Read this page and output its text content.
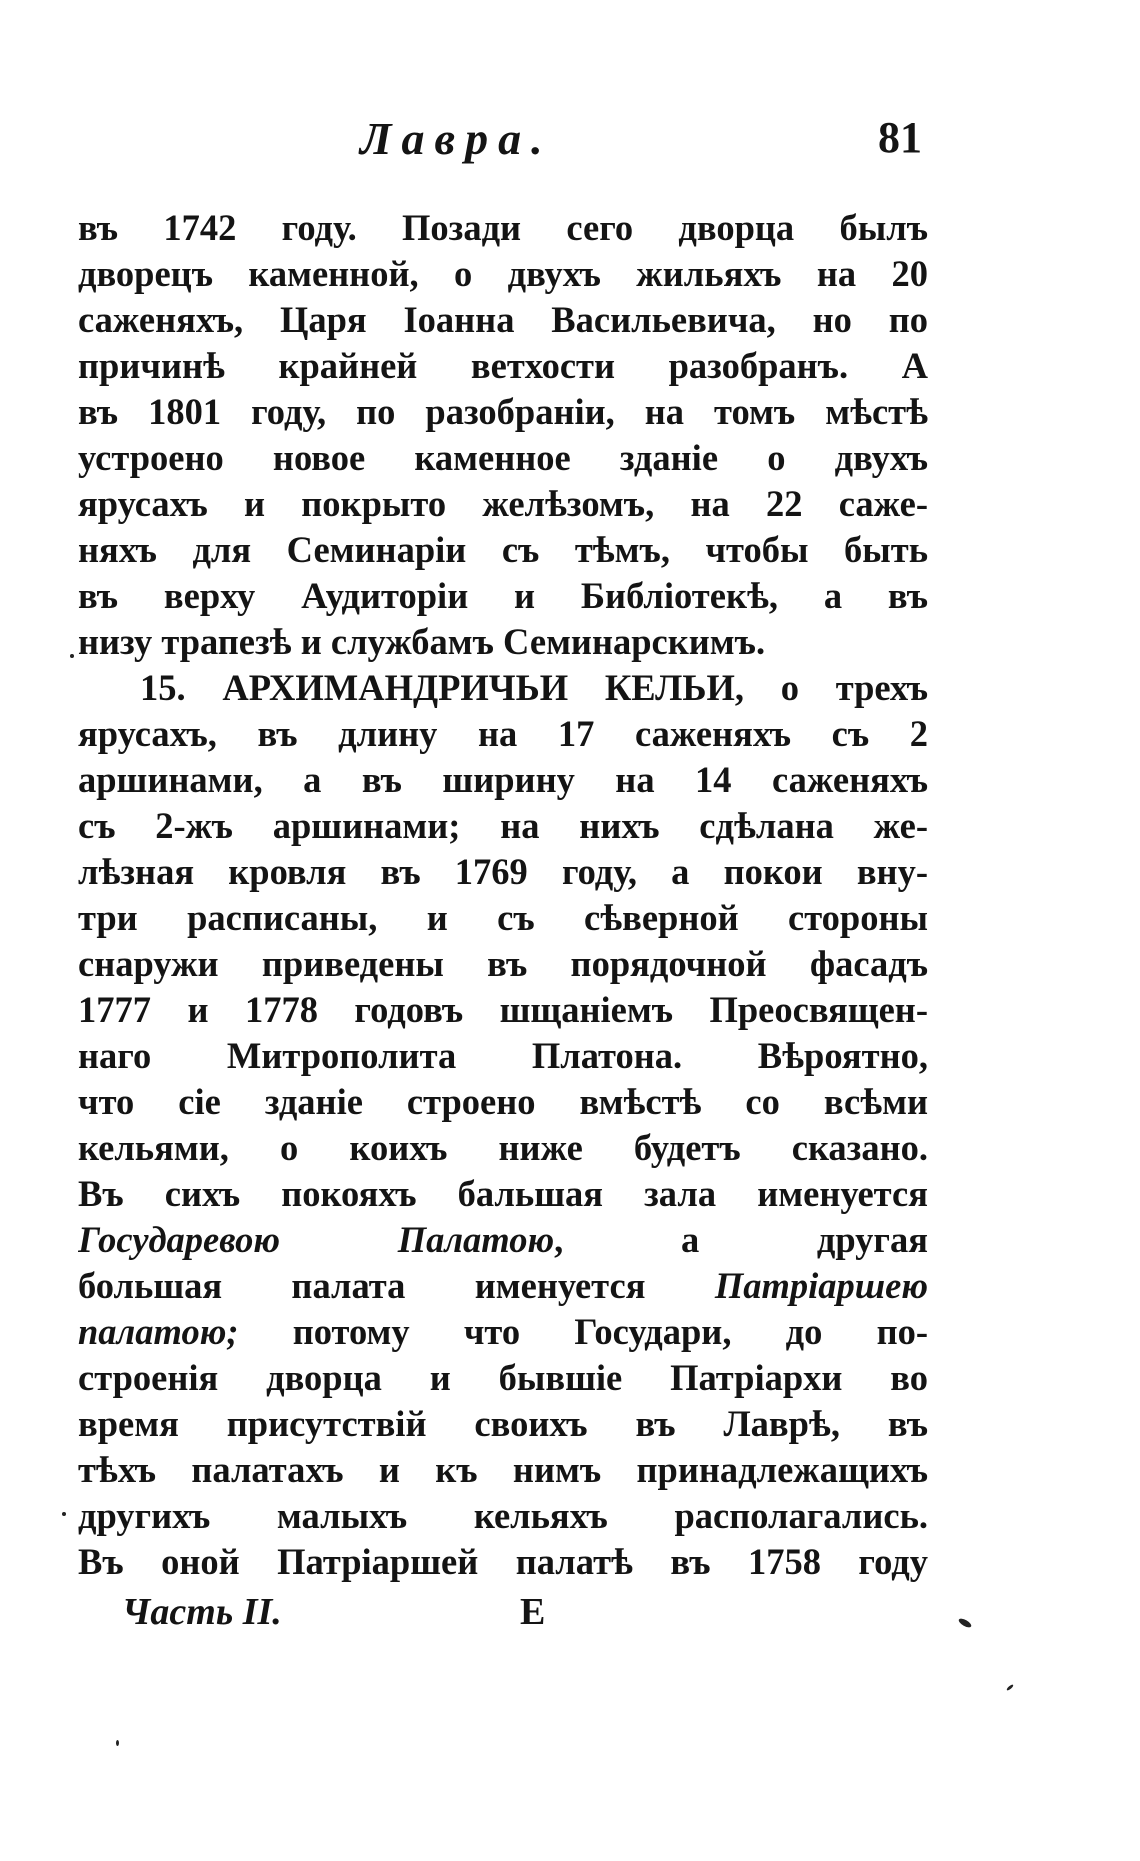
Лавра.	81
въ 1742 году. Позади сего дворца былъ
дворецъ каменной, о двухъ жильяхъ на 20
саженяхъ, Царя Іоанна Васильевича, но по
причинѣ крайней ветхости разобранъ. А
въ 1801 году, по разобраніи, на томъ мѣстѣ
устроено новое каменное зданіе о двухъ
ярусахъ и покрыто желѣзомъ, на 22 саже-
няхъ для Семинаріи съ тѣмъ, чтобы быть
въ верху Аудиторіи и Библіотекѣ, а въ
низу трапезѣ и службамъ Семинарскимъ.
15. АРХИМАНДРИЧЬИ КЕЛЬИ, о трехъ
ярусахъ, въ длину на 17 саженяхъ съ 2
аршинами, а въ ширину на 14 саженяхъ
съ 2-жъ аршинами; на нихъ сдѣлана же-
лѣзная кровля въ 1769 году, а покои вну-
три расписаны, и съ сѣверной стороны
снаружи приведены въ порядочной фасадъ
1777 и 1778 годовъ шщаніемъ Преосвящен-
наго Митрополита Платона. Вѣроятно,
что сіе зданіе строено вмѣстѣ со всѣми
кельями, о коихъ ниже будетъ сказано.
Въ сихъ покояхъ бальшая зала именуется
Государевою	Палатою, а другая
большая палата именуется Патріаршею
палатою; потому что Государи, до по-
строенія дворца и бывшіе Патріархи во
время присутствій своихъ въ Лаврѣ, въ
тѣхъ палатахъ и къ нимъ принадлежащихъ
другихъ малыхъ кельяхъ располагались.
Въ оной Патріаршей палатѣ въ 1758 году
Часть II.	E
